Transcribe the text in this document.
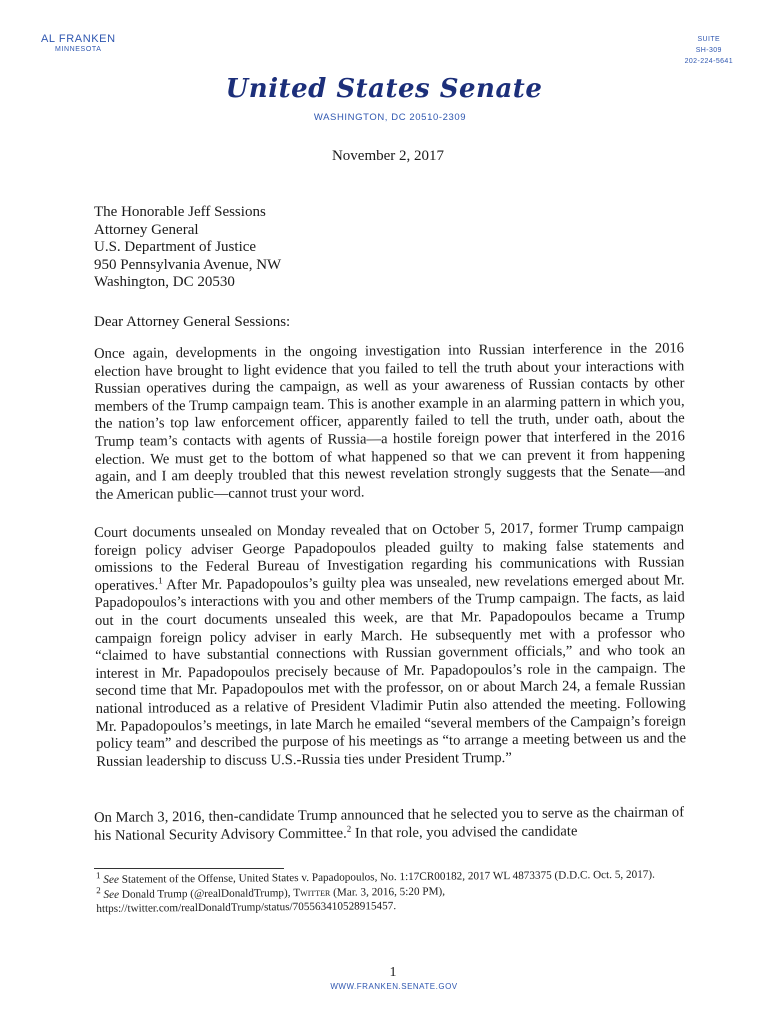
AL FRANKEN
MINNESOTA
SUITE
SH-309
202-224-5641
United States Senate
WASHINGTON, DC 20510-2309
November 2, 2017
The Honorable Jeff Sessions
Attorney General
U.S. Department of Justice
950 Pennsylvania Avenue, NW
Washington, DC 20530
Dear Attorney General Sessions:
Once again, developments in the ongoing investigation into Russian interference in the 2016 election have brought to light evidence that you failed to tell the truth about your interactions with Russian operatives during the campaign, as well as your awareness of Russian contacts by other members of the Trump campaign team. This is another example in an alarming pattern in which you, the nation’s top law enforcement officer, apparently failed to tell the truth, under oath, about the Trump team’s contacts with agents of Russia—a hostile foreign power that interfered in the 2016 election. We must get to the bottom of what happened so that we can prevent it from happening again, and I am deeply troubled that this newest revelation strongly suggests that the Senate—and the American public—cannot trust your word.
Court documents unsealed on Monday revealed that on October 5, 2017, former Trump campaign foreign policy adviser George Papadopoulos pleaded guilty to making false statements and omissions to the Federal Bureau of Investigation regarding his communications with Russian operatives.$^1$ After Mr. Papadopoulos’s guilty plea was unsealed, new revelations emerged about Mr. Papadopoulos’s interactions with you and other members of the Trump campaign. The facts, as laid out in the court documents unsealed this week, are that Mr. Papadopoulos became a Trump campaign foreign policy adviser in early March. He subsequently met with a professor who “claimed to have substantial connections with Russian government officials,” and who took an interest in Mr. Papadopoulos precisely because of Mr. Papadopoulos’s role in the campaign. The second time that Mr. Papadopoulos met with the professor, on or about March 24, a female Russian national introduced as a relative of President Vladimir Putin also attended the meeting. Following Mr. Papadopoulos’s meetings, in late March he emailed “several members of the Campaign’s foreign policy team” and described the purpose of his meetings as “to arrange a meeting between us and the Russian leadership to discuss U.S.-Russia ties under President Trump.”
On March 3, 2016, then-candidate Trump announced that he selected you to serve as the chairman of his National Security Advisory Committee.$^2$ In that role, you advised the candidate

$^1$ See Statement of the Offense, United States v. Papadopoulos, No. 1:17CR00182, 2017 WL 4873375 (D.D.C. Oct. 5, 2017).

$^2$ See Donald Trump (@realDonaldTrump), Twitter (Mar. 3, 2016, 5:20 PM), https://twitter.com/realDonaldTrump/status/705563410528915457.

1
WWW.FRANKEN.SENATE.GOV
